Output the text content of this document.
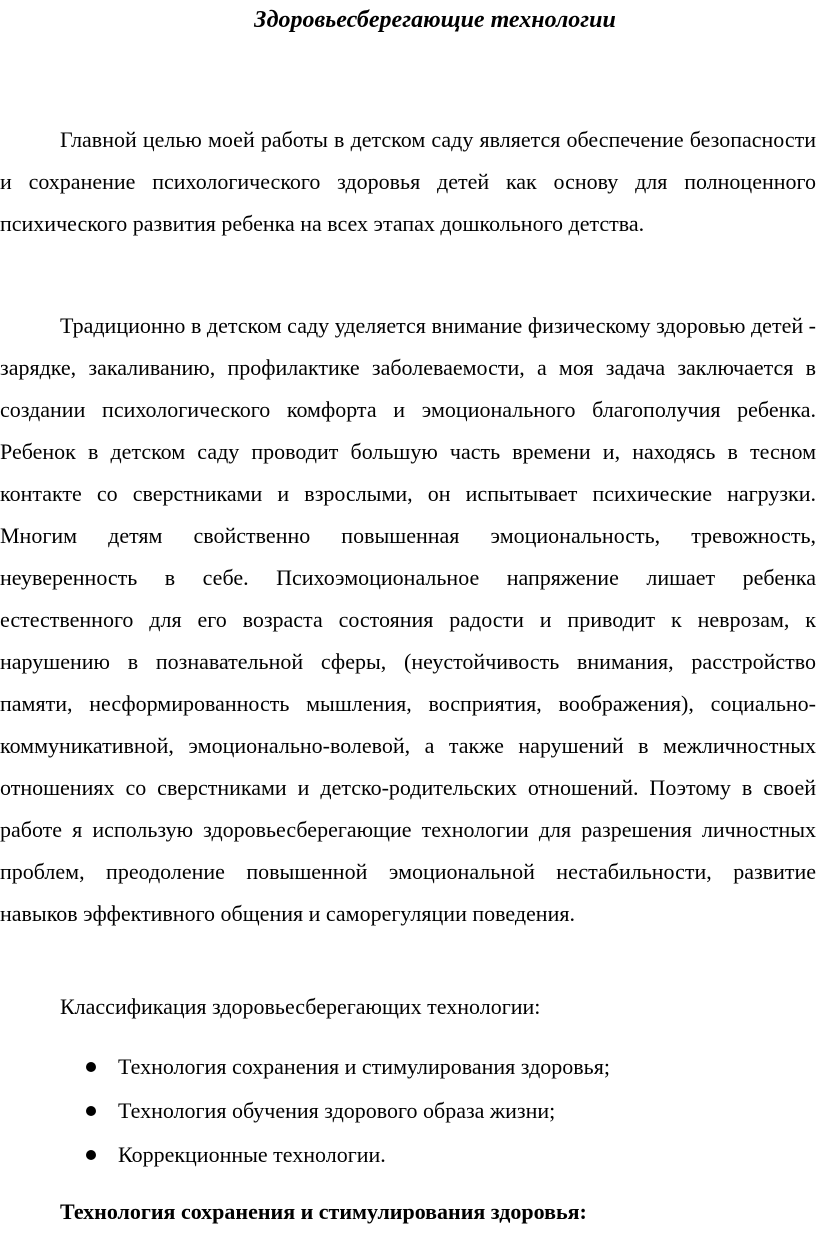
Здоровьесберегающие технологии

Главной целью моей работы в детском саду является обеспечение безопасности и сохранение психологического здоровья детей как основу для полноценного психического развития ребенка на всех этапах дошкольного детства.

Традиционно в детском саду уделяется внимание физическому здоровью детей - зарядке, закаливанию, профилактике заболеваемости, а моя задача заключается в создании психологического комфорта и эмоционального благополучия ребенка. Ребенок в детском саду проводит большую часть времени и, находясь в тесном контакте со сверстниками и взрослыми, он испытывает психические нагрузки. Многим детям свойственно повышенная эмоциональность, тревожность, неуверенность в себе. Психоэмоциональное напряжение лишает ребенка естественного для его возраста состояния радости и приводит к неврозам, к нарушению в познавательной сферы, (неустойчивость внимания, расстройство памяти, несформированность мышления, восприятия, воображения), социально-коммуникативной, эмоционально-волевой, а также нарушений в межличностных отношениях со сверстниками и детско-родительских отношений. Поэтому в своей работе я использую здоровьесберегающие технологии для разрешения личностных проблем, преодоление повышенной эмоциональной нестабильности, развитие навыков эффективного общения и саморегуляции поведения.

Классификация здоровьесберегающих технологии:

Технология сохранения и стимулирования здоровья;
Технология обучения здорового образа жизни;
Коррекционные технологии.

Технология сохранения и стимулирования здоровья:
